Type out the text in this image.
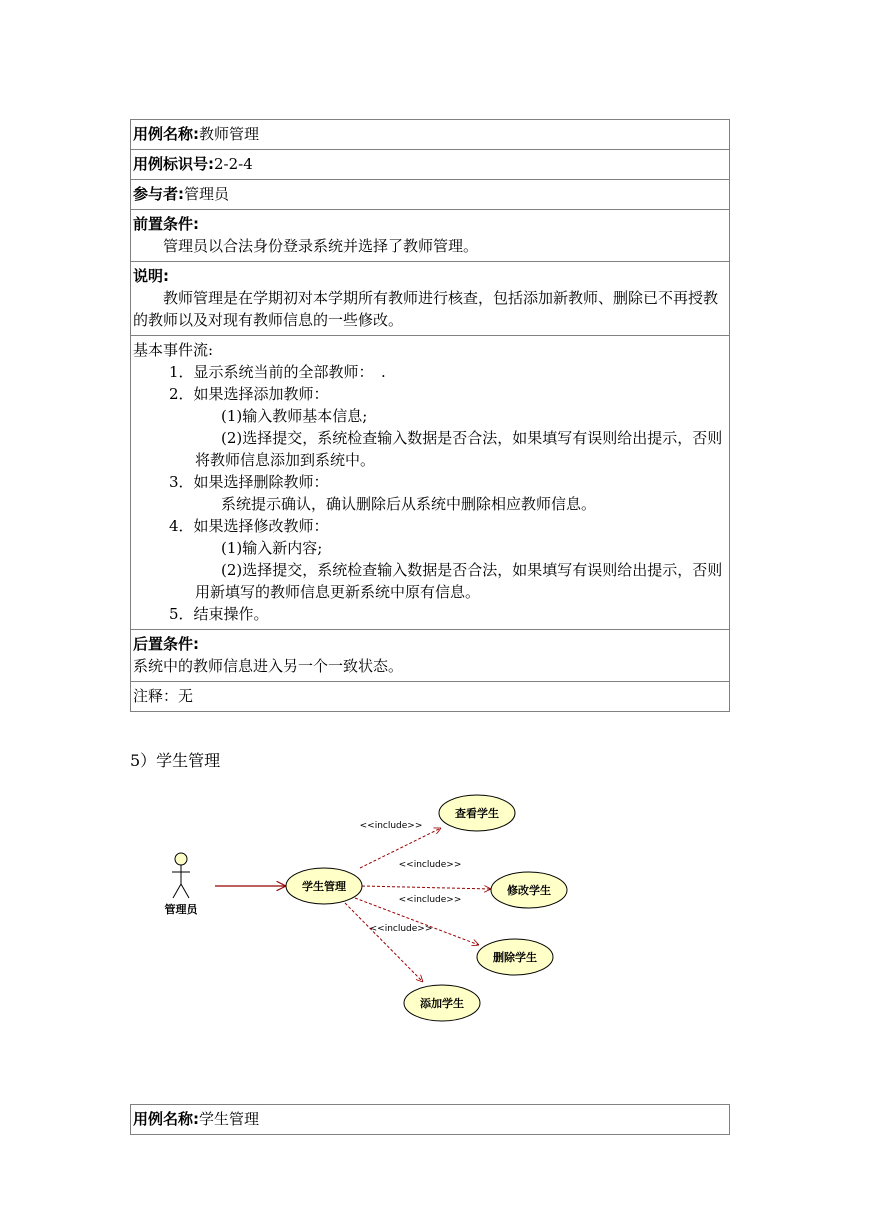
用例名称:教师管理
用例标识号:2-2-4
参与者:管理员

前置条件:
管理员以合法身份登录系统并选择了教师管理。

说明:
教师管理是在学期初对本学期所有教师进行核查，包括添加新教师、删除已不再授教的教师以及对现有教师信息的一些修改。

基本事件流:
1．显示系统当前的全部教师：　.
2．如果选择添加教师：
(1)输入教师基本信息;
(2)选择提交，系统检查输入数据是否合法，如果填写有误则给出提示，否则将教师信息添加到系统中。
3．如果选择删除教师：
系统提示确认，确认删除后从系统中删除相应教师信息。
4．如果选择修改教师：
(1)输入新内容;
(2)选择提交，系统检查输入数据是否合法，如果填写有误则给出提示，否则用新填写的教师信息更新系统中原有信息。
5．结束操作。

后置条件:
系统中的教师信息进入另一个一致状态。

注释：无
5）学生管理
管理员
<<include>>
<<include>>
<<include>>
<<include>>
学生管理
查看学生
修改学生
删除学生
添加学生
用例名称:学生管理
